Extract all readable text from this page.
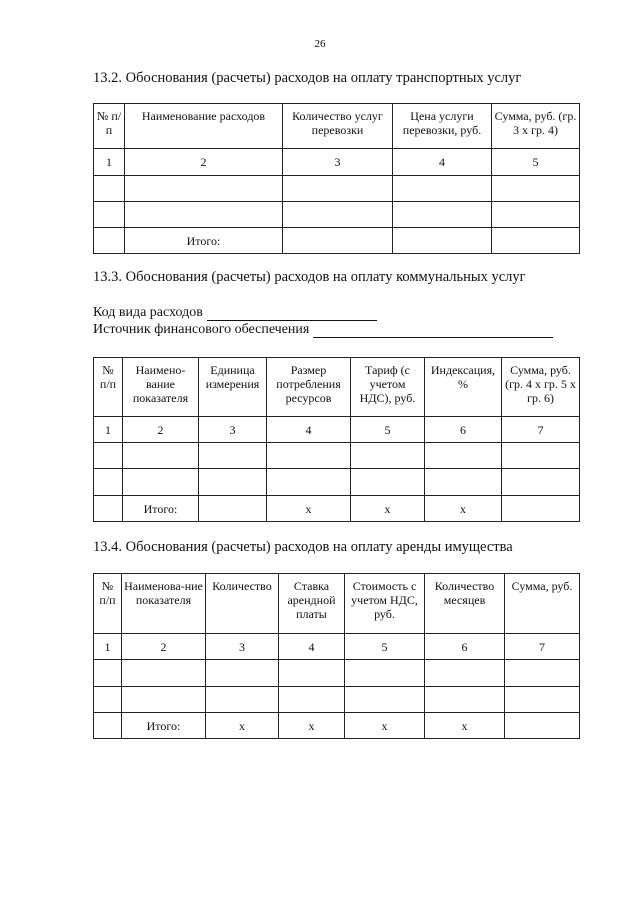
26
13.2. Обоснования (расчеты) расходов на оплату транспортных услуг
№ п/п	Наименование расходов	Количество услуг перевозки	Цена услуги перевозки, руб.	Сумма, руб. (гр. 3 х гр. 4)
1	2	3	4	5

	Итого:			
13.3. Обоснования (расчеты) расходов на оплату коммунальных услуг
Код вида расходов
Источник финансового обеспечения
№ п/п	Наимено-вание показателя	Единица измерения	Размер потребления ресурсов	Тариф (с учетом НДС), руб.	Индексация, %	Сумма, руб. (гр. 4 х гр. 5 х гр. 6)
1	2	3	4	5	6	7

	Итого:		х	х	х	
13.4. Обоснования (расчеты) расходов на оплату аренды имущества
№ п/п	Наименова-ние показателя	Количество	Ставка арендной платы	Стоимость с учетом НДС, руб.	Количество месяцев	Сумма, руб.
1	2	3	4	5	6	7

	Итого:	х	х	х	х	
